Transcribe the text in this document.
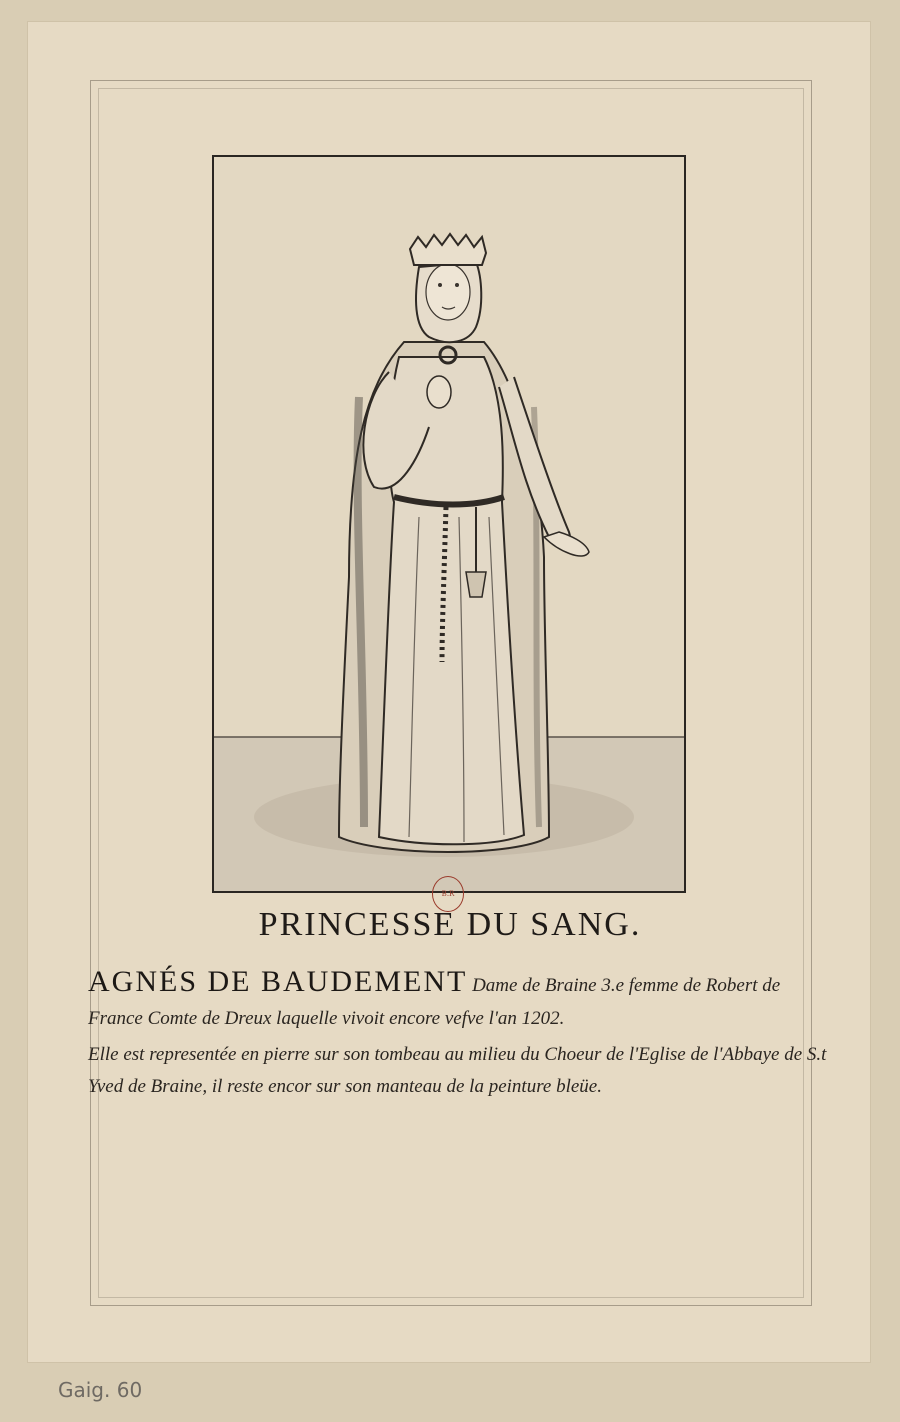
B.R
PRINCESSE DU SANG.

AGNÉS DE BAUDEMENT Dame de Braine 3.e femme de Robert de France Comte de Dreux laquelle vivoit encore vefve l'an 1202.

Elle est representée en pierre sur son tombeau au milieu du Choeur de l'Eglise de l'Abbaye de S.t Yved de Braine, il reste encor sur son manteau de la peinture bleüe.

Gaig. 60
